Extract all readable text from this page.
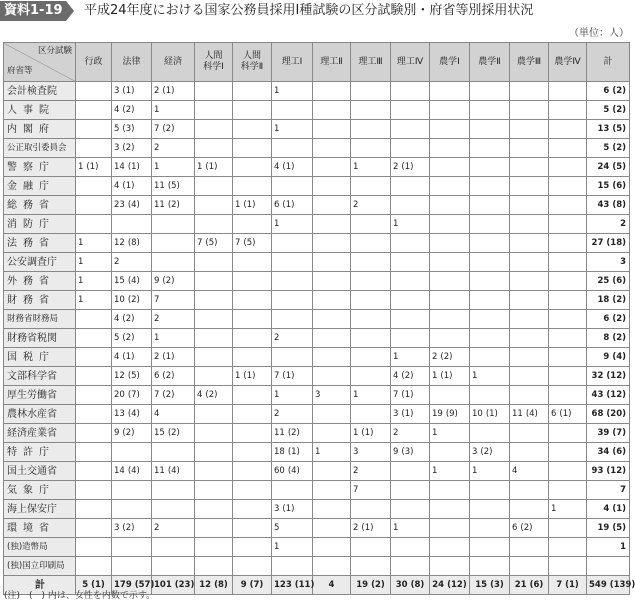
資料1-19 平成24年度における国家公務員採用Ⅰ種試験の区分試験別・府省等別採用状況
（単位：人）
区分試験
府省等	行政	法律	経済	人間
科学Ⅰ	人間
科学Ⅱ	理工Ⅰ	理工Ⅱ	理工Ⅲ	理工Ⅳ	農学Ⅰ	農学Ⅱ	農学Ⅲ	農学Ⅳ	計
会計検査院		3 (1)	2 (1)			1								6 (2)
人事院		4 (2)	1											5 (2)
内閣府		5 (3)	7 (2)			1								13 (5)
公正取引委員会		3 (2)	2											5 (2)
警察庁	1 (1)	14 (1)	1	1 (1)		4 (1)		1	2 (1)					24 (5)
金融庁		4 (1)	11 (5)											15 (6)
総務省		23 (4)	11 (2)		1 (1)	6 (1)		2						43 (8)
消防庁						1			1					2
法務省	1	12 (8)		7 (5)	7 (5)									27 (18)
公安調査庁	1	2												3
外務省	1	15 (4)	9 (2)											25 (6)
財務省	1	10 (2)	7											18 (2)
財務省財務局		4 (2)	2											6 (2)
財務省税関		5 (2)	1			2								8 (2)
国税庁		4 (1)	2 (1)						1	2 (2)				9 (4)
文部科学省		12 (5)	6 (2)		1 (1)	7 (1)			4 (2)	1 (1)	1			32 (12)
厚生労働省		20 (7)	7 (2)	4 (2)		1	3	1	7 (1)					43 (12)
農林水産省		13 (4)	4			2			3 (1)	19 (9)	10 (1)	11 (4)	6 (1)	68 (20)
経済産業省		9 (2)	15 (2)			11 (2)		1 (1)	2	1				39 (7)
特許庁						18 (1)	1	3	9 (3)		3 (2)			34 (6)
国土交通省		14 (4)	11 (4)			60 (4)		2		1	1	4		93 (12)
気象庁								7						7
海上保安庁						3 (1)							1	4 (1)
環境省		3 (2)	2			5		2 (1)	1			6 (2)		19 (5)
(独)造幣局						1								1
(独)国立印刷局														
計	5 (1)	179 (57)	101 (23)	12 (8)	9 (7)	123 (11)	4	19 (2)	30 (8)	24 (12)	15 (3)	21 (6)	7 (1)	549 (139)
(注)　(　) 内は、女性を内数で示す。
